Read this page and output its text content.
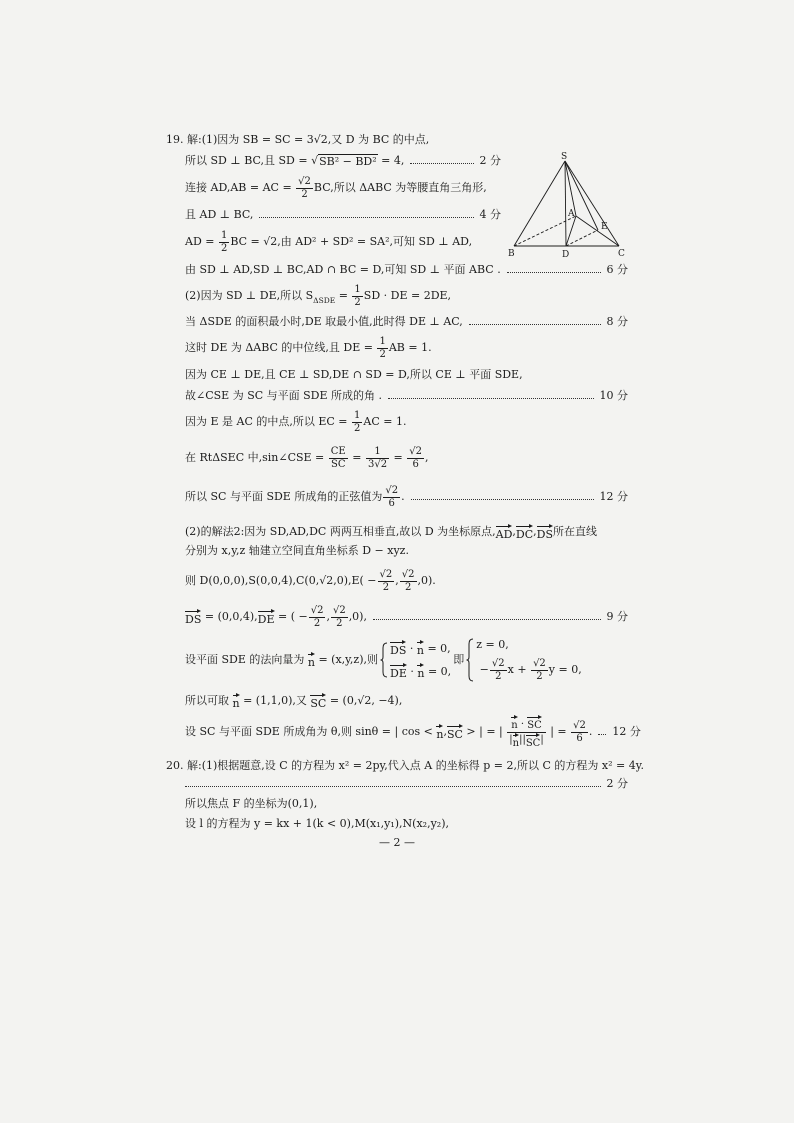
19. 解:(1)因为 SB = SC = 3√2,又 D 为 BC 的中点,
所以 SD ⊥ BC,且 SD = √ SB² − BD² = 4,	2 分
连接 AD,AB = AC = $\frac{√2}{2}$ BC,所以 ΔABC 为等腰直角三角形,
且 AD ⊥ BC,	4 分
AD = $\frac{1}{2}$ BC = √2,由 AD² + SD² = SA²,可知 SD ⊥ AD,
由 SD ⊥ AD,SD ⊥ BC,AD ∩ BC = D,可知 SD ⊥ 平面 ABC .	6 分
(2)因为 SD ⊥ DE,所以 S $\Delta SDE = \frac{1}{2}$ SD · DE = 2DE,
当 ΔSDE 的面积最小时,DE 取最小值,此时得 DE ⊥ AC,	8 分
这时 DE 为 ΔABC 的中位线,且 DE = $\frac{1}{2}$ AB = 1.
因为 CE ⊥ DE,且 CE ⊥ SD,DE ∩ SD = D,所以 CE ⊥ 平面 SDE,
故∠CSE 为 SC 与平面 SDE 所成的角 .	10 分
因为 E 是 AC 的中点,所以 EC = $\frac{1}{2}$ AC = 1.
在 RtΔSEC 中,sin∠CSE = $\frac{CE}{SC} = \frac{1}{3√2} = \frac{√2}{6}$ ,
所以 SC 与平面 SDE 所成角的正弦值为 $\frac{√2}{6}$ .	12 分
(2)的解法2:因为 SD,AD,DC 两两互相垂直,故以 D 为坐标原点, AD , DC , DS 所在直线
分别为 x,y,z 轴建立空间直角坐标系 D − xyz.
则 $D(0,0,0),S(0,0,4),C(0,√2,0),E( - \frac{√2}{2}$ , $\frac{√2}{2} ,0$).
DS = (0,0,4), DE = ( − $\frac{√2}{2}$ , $\frac{√2}{2} ,0$),	9 分
设平面 SDE 的法向量为 n = (x,y,z),则
DS · n = 0,
DE · n = 0,
即
z = 0,
− $\frac{√2}{2}$ $x + \frac{√2}{2}$ y = 0,
所以可取 n = (1,1,0),又 SC = (0,√2, −4),
设 SC 与平面 SDE 所成角为 θ,则 sinθ = | cos < n , SC > | = | $\frac{n \cdot SC}{| n || SC |}$ | = $\frac{√2}{6}$ . 12 分
20. 解:(1)根据题意,设 C 的方程为 x² = 2py,代入点 A 的坐标得 p = 2,所以 C 的方程为 x² = 4y.
2 分
所以焦点 F 的坐标为(0,1),
设 l 的方程为 y = kx + 1(k < 0),M(x₁,y₁),N(x₂,y₂),
— 2 —
S
A
E
B	D	C
